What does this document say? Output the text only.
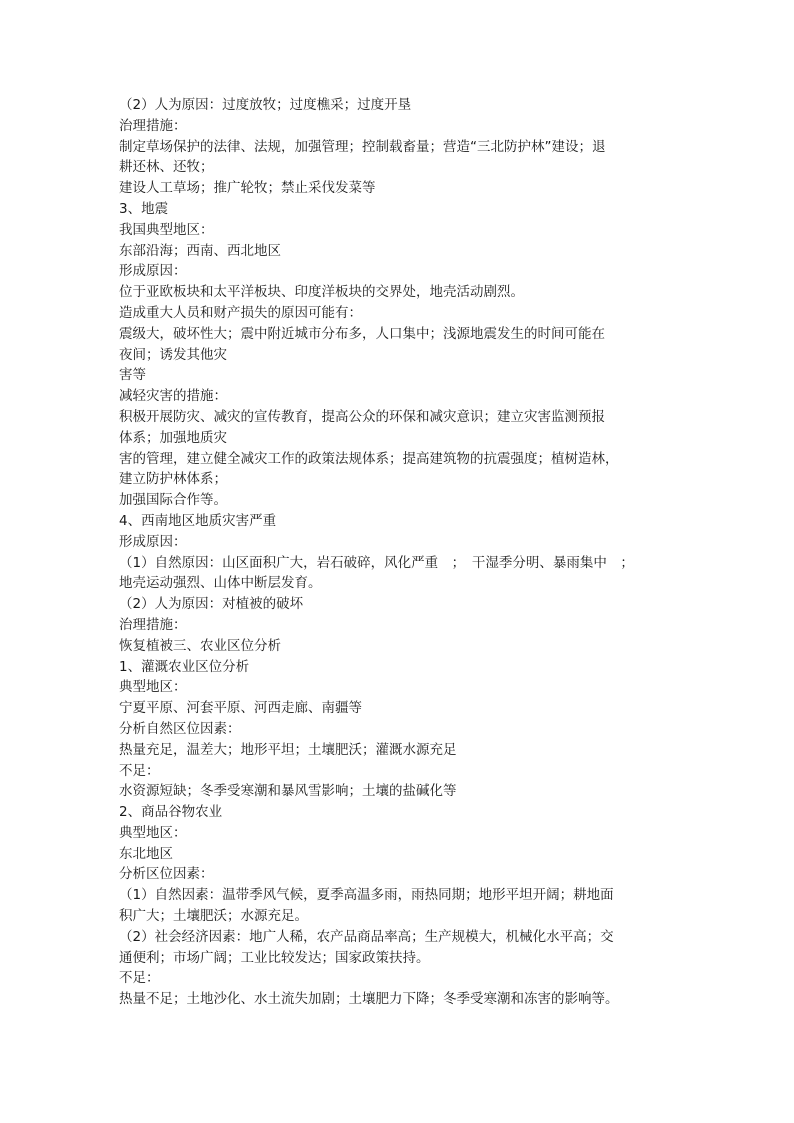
（2）人为原因：过度放牧；过度樵采；过度开垦
治理措施：
制定草场保护的法律、法规，加强管理；控制载畜量；营造“三北防护林”建设；退
耕还林、还牧；
建设人工草场；推广轮牧；禁止采伐发菜等
3、地震
我国典型地区：
东部沿海；西南、西北地区
形成原因：
位于亚欧板块和太平洋板块、印度洋板块的交界处，地壳活动剧烈。
造成重大人员和财产损失的原因可能有：
震级大，破坏性大；震中附近城市分布多，人口集中；浅源地震发生的时间可能在
夜间；诱发其他灾
害等
减轻灾害的措施：
积极开展防灾、减灾的宣传教育，提高公众的环保和减灾意识；建立灾害监测预报
体系；加强地质灾
害的管理，建立健全减灾工作的政策法规体系；提高建筑物的抗震强度；植树造林，
建立防护林体系；
加强国际合作等。
4、西南地区地质灾害严重
形成原因：
（1）自然原因：山区面积广大，岩石破碎，风化严重　；　干湿季分明、暴雨集中　；
地壳运动强烈、山体中断层发育。
（2）人为原因：对植被的破坏
治理措施：
恢复植被三、农业区位分析
1、灌溉农业区位分析
典型地区：
宁夏平原、河套平原、河西走廊、南疆等
分析自然区位因素：
热量充足，温差大；地形平坦；土壤肥沃；灌溉水源充足
不足：
水资源短缺；冬季受寒潮和暴风雪影响；土壤的盐碱化等
2、商品谷物农业
典型地区：
东北地区
分析区位因素：
（1）自然因素：温带季风气候，夏季高温多雨，雨热同期；地形平坦开阔；耕地面
积广大；土壤肥沃；水源充足。
（2）社会经济因素：地广人稀，农产品商品率高；生产规模大，机械化水平高；交
通便利；市场广阔；工业比较发达；国家政策扶持。
不足：
热量不足；土地沙化、水土流失加剧；土壤肥力下降；冬季受寒潮和冻害的影响等。
